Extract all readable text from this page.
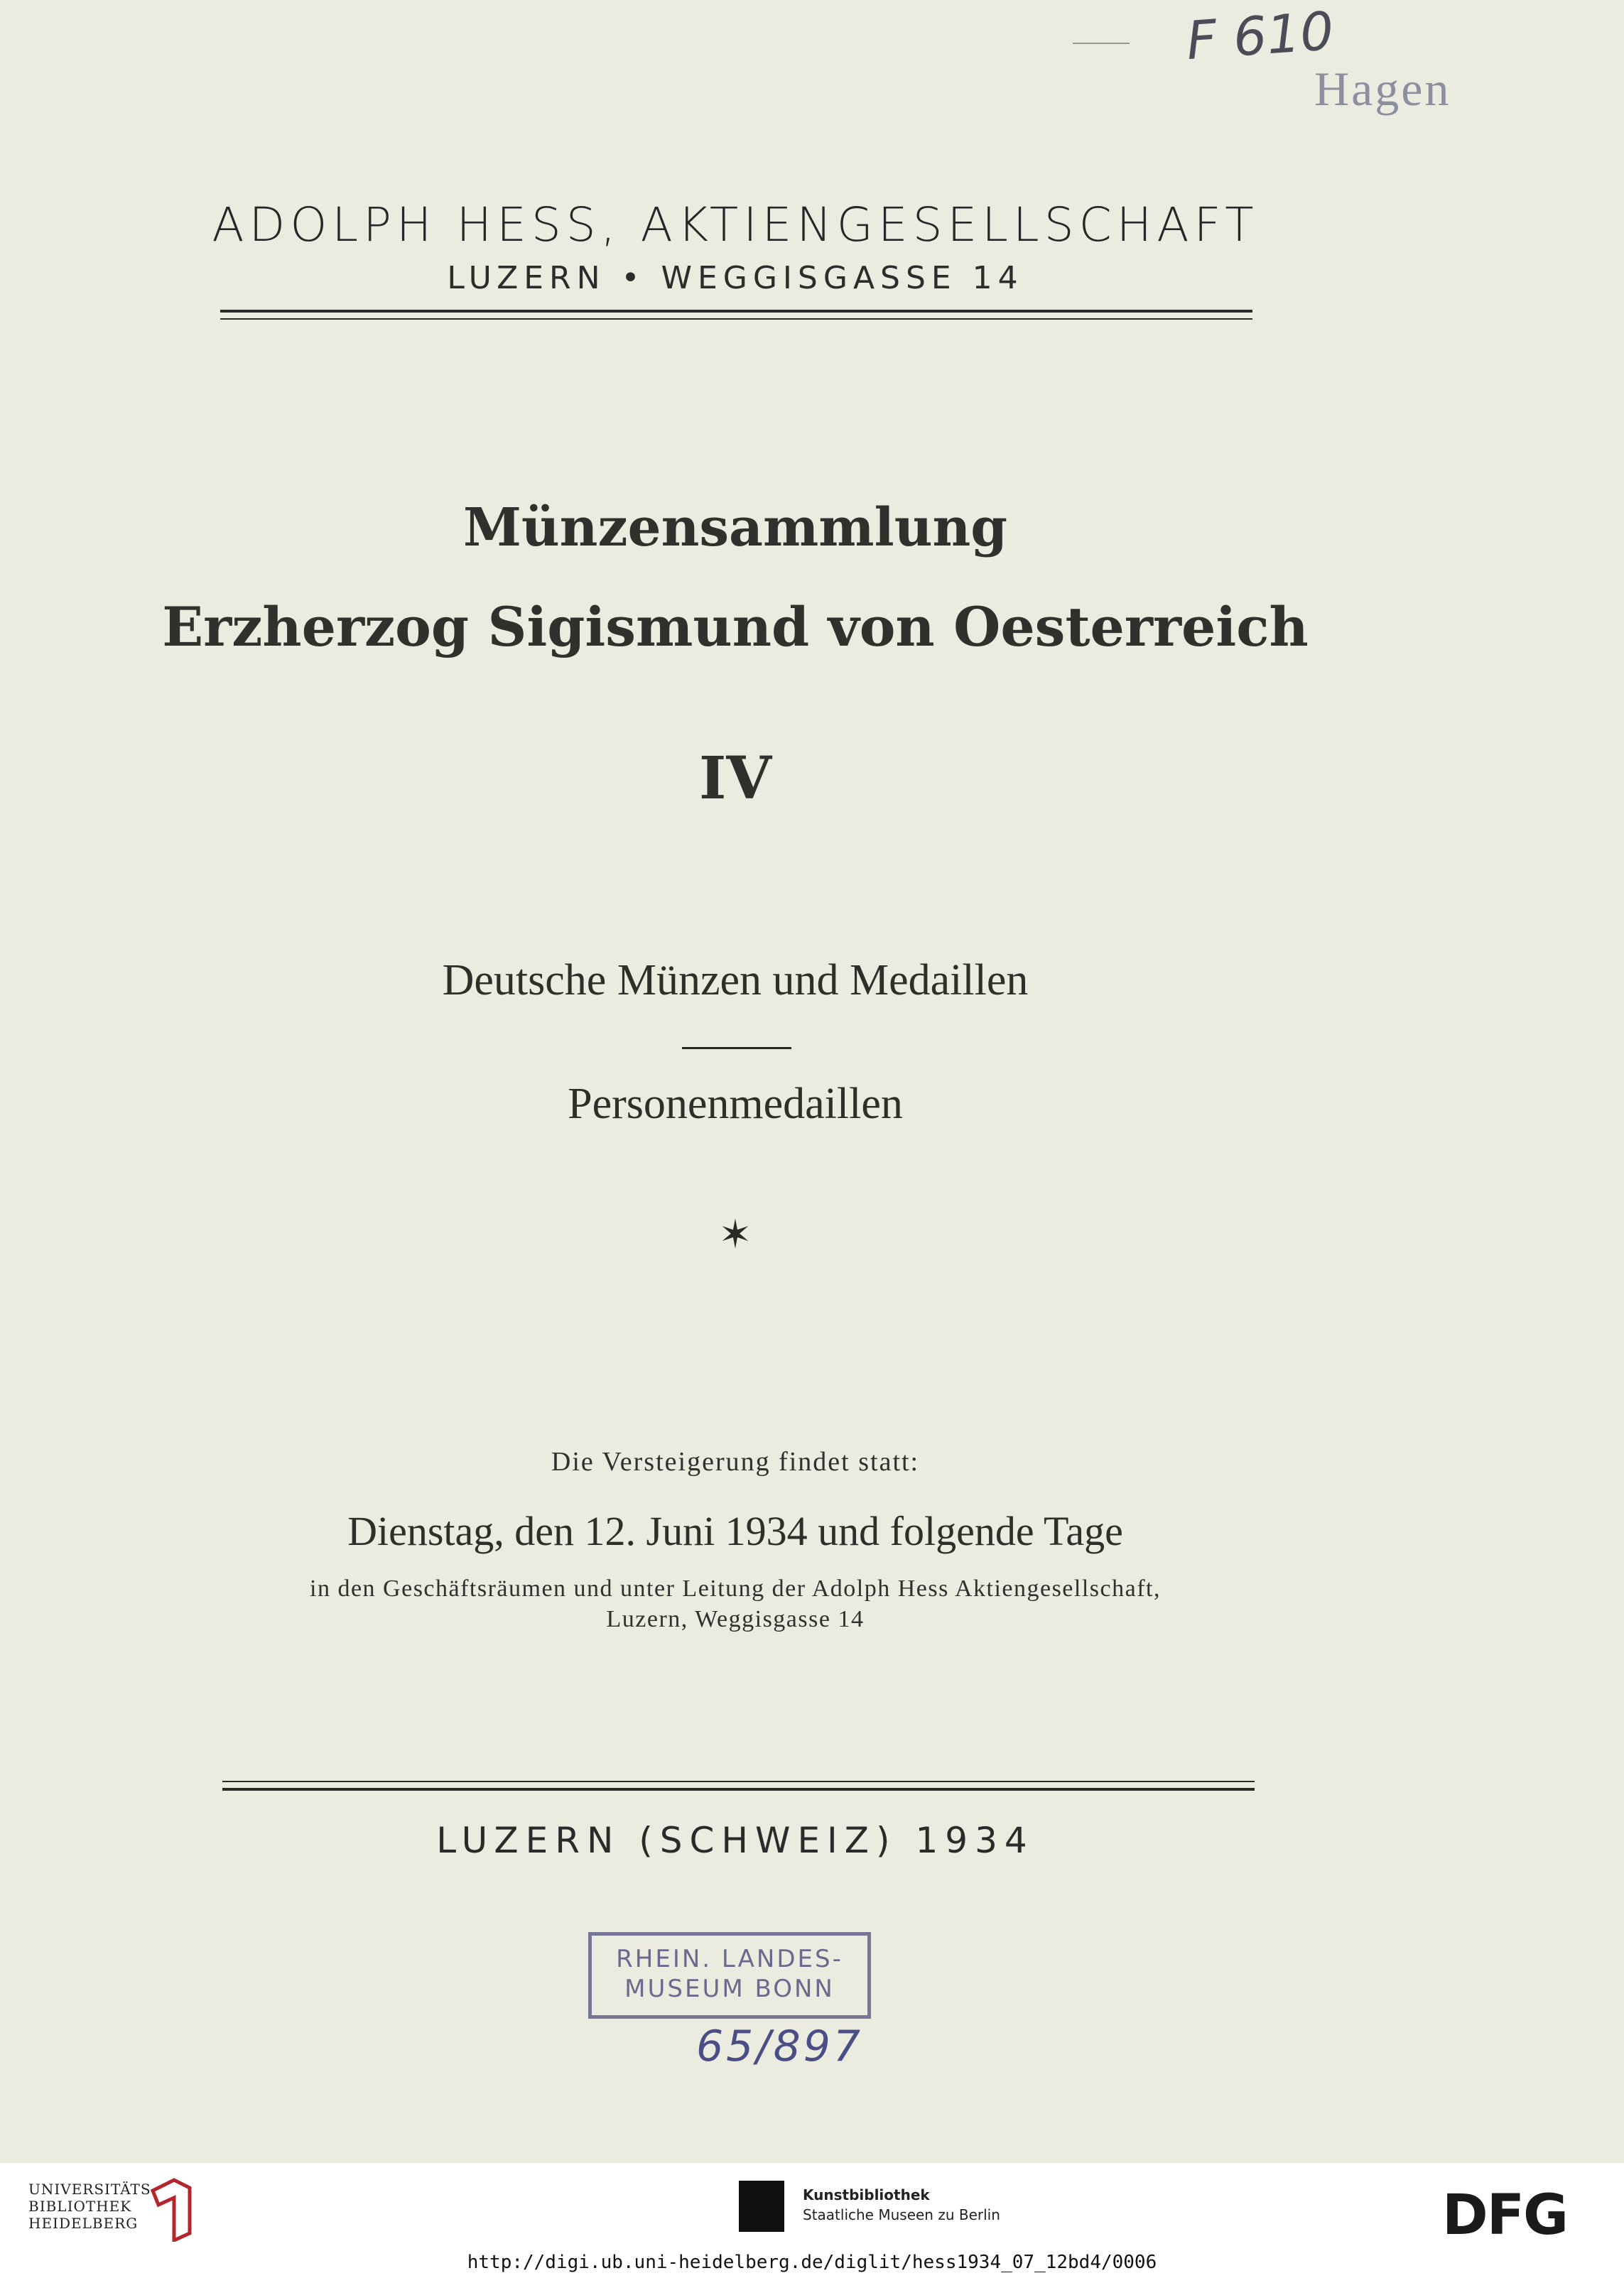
F 610
Hagen
ADOLPH HESS, AKTIENGESELLSCHAFT
LUZERN • WEGGISGASSE 14
Münzensammlung
Erzherzog Sigismund von Oesterreich
IV
Deutsche Münzen und Medaillen
Personenmedaillen
✶
Die Versteigerung findet statt:
Dienstag, den 12. Juni 1934 und folgende Tage
in den Geschäftsräumen und unter Leitung der Adolph Hess Aktiengesellschaft,
Luzern, Weggisgasse 14
LUZERN (SCHWEIZ) 1934
RHEIN. LANDES-
MUSEUM BONN
65/897
UNIVERSITÄTS-
BIBLIOTHEK
HEIDELBERG
Kunstbibliothek
Staatliche Museen zu Berlin	DFG
http://digi.ub.uni-heidelberg.de/diglit/hess1934_07_12bd4/0006
